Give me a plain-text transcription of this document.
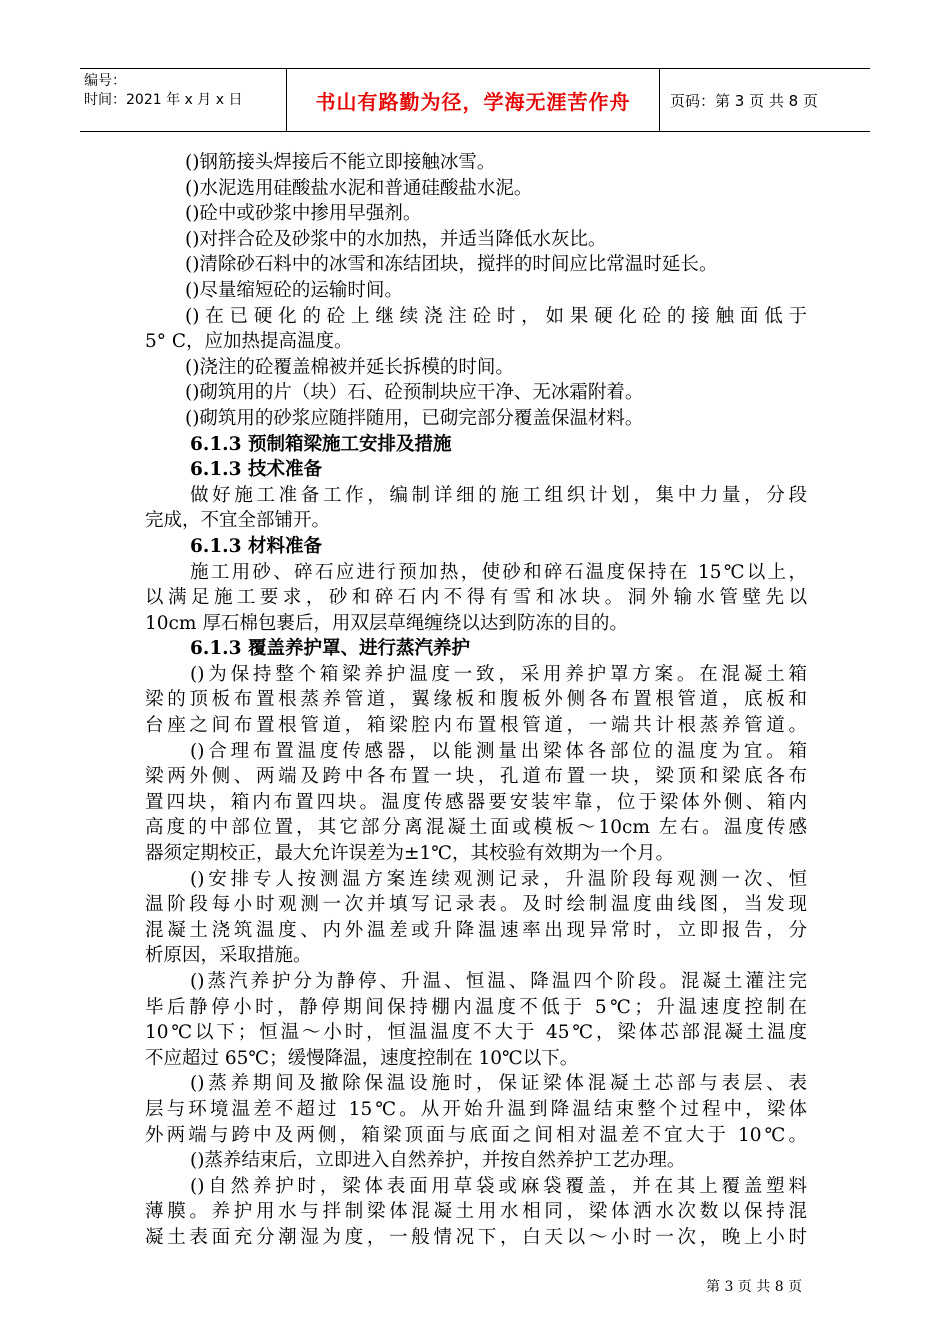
编号：
时间：2021 年 x 月 x 日	书山有路勤为径，学海无涯苦作舟	页码：第 3 页 共 8 页
()钢筋接头焊接后不能立即接触冰雪。
()水泥选用硅酸盐水泥和普通硅酸盐水泥。
()砼中或砂浆中掺用早强剂。
()对拌合砼及砂浆中的水加热，并适当降低水灰比。
()清除砂石料中的冰雪和冻结团块，搅拌的时间应比常温时延长。
()尽量缩短砼的运输时间。
()在已硬化的砼上继续浇注砼时，如果硬化砼的接触面低于
5° C，应加热提高温度。
()浇注的砼覆盖棉被并延长拆模的时间。
()砌筑用的片（块）石、砼预制块应干净、无冰霜附着。
()砌筑用的砂浆应随拌随用，已砌完部分覆盖保温材料。
6.1.3 预制箱梁施工安排及措施
6.1.3 技术准备
做好施工准备工作，编制详细的施工组织计划，集中力量，分段
完成，不宜全部铺开。
6.1.3 材料准备
施工用砂、碎石应进行预加热，使砂和碎石温度保持在 15℃以上，
以满足施工要求，砂和碎石内不得有雪和冰块。洞外输水管壁先以
10cm 厚石棉包裹后，用双层草绳缠绕以达到防冻的目的。
6.1.3 覆盖养护罩、进行蒸汽养护
()为保持整个箱梁养护温度一致，采用养护罩方案。在混凝土箱
梁的顶板布置根蒸养管道，翼缘板和腹板外侧各布置根管道，底板和
台座之间布置根管道，箱梁腔内布置根管道，一端共计根蒸养管道。
()合理布置温度传感器，以能测量出梁体各部位的温度为宜。箱
梁两外侧、两端及跨中各布置一块，孔道布置一块，梁顶和梁底各布
置四块，箱内布置四块。温度传感器要安装牢靠，位于梁体外侧、箱内
高度的中部位置，其它部分离混凝土面或模板～10cm 左右。温度传感
器须定期校正，最大允许误差为±1℃，其校验有效期为一个月。
()安排专人按测温方案连续观测记录，升温阶段每观测一次、恒
温阶段每小时观测一次并填写记录表。及时绘制温度曲线图，当发现
混凝土浇筑温度、内外温差或升降温速率出现异常时，立即报告，分
析原因，采取措施。
()蒸汽养护分为静停、升温、恒温、降温四个阶段。混凝土灌注完
毕后静停小时，静停期间保持棚内温度不低于 5℃；升温速度控制在
10℃以下；恒温～小时，恒温温度不大于 45℃，梁体芯部混凝土温度
不应超过 65℃；缓慢降温，速度控制在 10℃以下。
()蒸养期间及撤除保温设施时，保证梁体混凝土芯部与表层、表
层与环境温差不超过 15℃。从开始升温到降温结束整个过程中，梁体
外两端与跨中及两侧，箱梁顶面与底面之间相对温差不宜大于 10℃。
()蒸养结束后，立即进入自然养护，并按自然养护工艺办理。
()自然养护时，梁体表面用草袋或麻袋覆盖，并在其上覆盖塑料
薄膜。养护用水与拌制梁体混凝土用水相同，梁体洒水次数以保持混
凝土表面充分潮湿为度，一般情况下，白天以～小时一次，晚上小时
第 3 页 共 8 页
